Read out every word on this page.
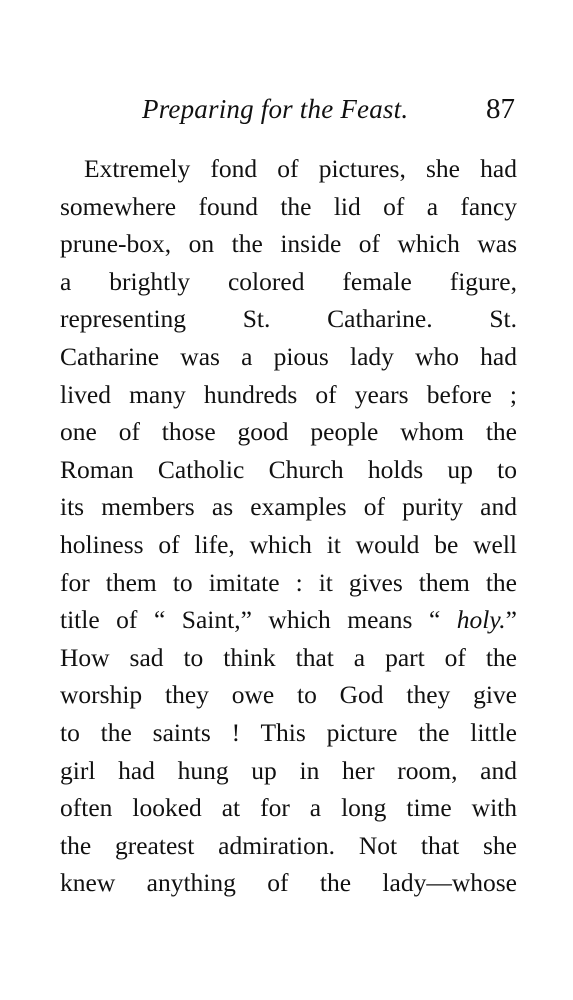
Preparing for the Feast.	87
Extremely fond of pictures, she had
somewhere found the lid of a fancy
prune-box, on the inside of which was
a brightly colored female figure,
representing St. Catharine. St.
Catharine was a pious lady who had
lived many hundreds of years before ;
one of those good people whom the
Roman Catholic Church holds up to
its members as examples of purity and
holiness of life, which it would be well
for them to imitate : it gives them the
title of “ Saint,” which means “ holy.”
How sad to think that a part of the
worship they owe to God they give
to the saints ! This picture the little
girl had hung up in her room, and
often looked at for a long time with
the greatest admiration. Not that she
knew anything of the lady—whose
